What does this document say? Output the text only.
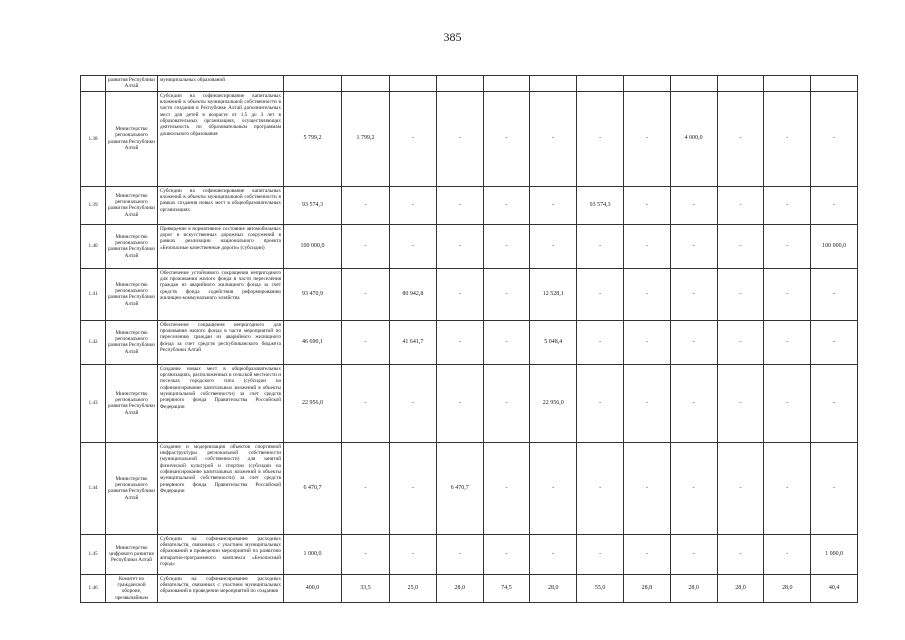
385
	развития Республики Алтай	муниципальных образований												
1.38	Министерство регионального развития Республики Алтай	Субсидии на софинансирование капитальных вложений в объекты муниципальной собственности в части создания в Республике Алтай дополнительных мест для детей в возрасте от 1,5 до 3 лет в образовательных организациях, осуществляющих деятельность по образовательным программам дошкольного образования	5 799,2	1 799,2	-	-	-	-	-	-	4 000,0	-	-	-
1.39	Министерство регионального развития Республики Алтай	Субсидии на софинансирование капитальных вложений в объекты муниципальной собственности в рамках создания новых мест в общеобразовательных организациях	93 574,3	-	-	-	-	-	93 574,3	-	-	-	-	-
1.40	Министерство регионального развития Республики Алтай	Приведение в нормативное состояние автомобильных дорог и искусственных дорожных сооружений в рамках реализации национального проекта «Безопасные качественные дороги» (субсидии)	100 000,0	-	-	-	-	-	-	-	-	-	-	100 000,0
1.41	Министерство регионального развития Республики Алтай	Обеспечение устойчивого сокращения непригодного для проживания жилого фонда в части переселения граждан из аварийного жилищного фонда за счет средств фонда содействия реформированию жилищно-коммунального хозяйства	93 470,9	-	80 942,8	-	-	12 528,1	-	-	-	-	-	-
1.42	Министерство регионального развития Республики Алтай	Обеспечение сокращения непригодного для проживания жилого фонда в части мероприятий по переселению граждан из аварийного жилищного фонда за счет средств республиканского бюджета Республики Алтай	46 690,1	-	41 641,7	-	-	5 048,4	-	-	-	-	-	-
1.43	Министерство регионального развития Республики Алтай	Создание новых мест в общеобразовательных организациях, расположенных в сельской местности и поселках городского типа (субсидии на софинансирование капитальных вложений в объекты муниципальной собственности) за счет средств резервного фонда Правительства Российской Федерации	22 956,0	-	-	-	-	22 956,0	-	-	-	-	-	-
1.44	Министерство регионального развития Республики Алтай	Создание и модернизация объектов спортивной инфраструктуры региональной собственности (муниципальной собственности) для занятий физической культурой и спортом (субсидии на софинансирование капитальных вложений в объекты муниципальной собственности) за счет средств резервного фонда Правительства Российской Федерации	6 470,7	-	-	6 470,7	-	-	-	-	-	-	-	-
1.45	Министерство цифрового развития Республики Алтай	Субсидии на софинансирование расходных обязательств, связанных с участием муниципальных образований в проведении мероприятий по развитию аппаратно-программного комплекса «Безопасный город»	1 000,0	-	-	-	-	-	-	-	-	-	-	1 000,0
1.46	Комитет по гражданской обороне, чрезвычайным	Субсидии на софинансирование расходных обязательств, связанных с участием муниципальных образований в проведении мероприятий по созданию	400,0	33,5	25,0	28,0	74,5	28,0	55,0	28,8	28,0	28,0	28,0	40,4
